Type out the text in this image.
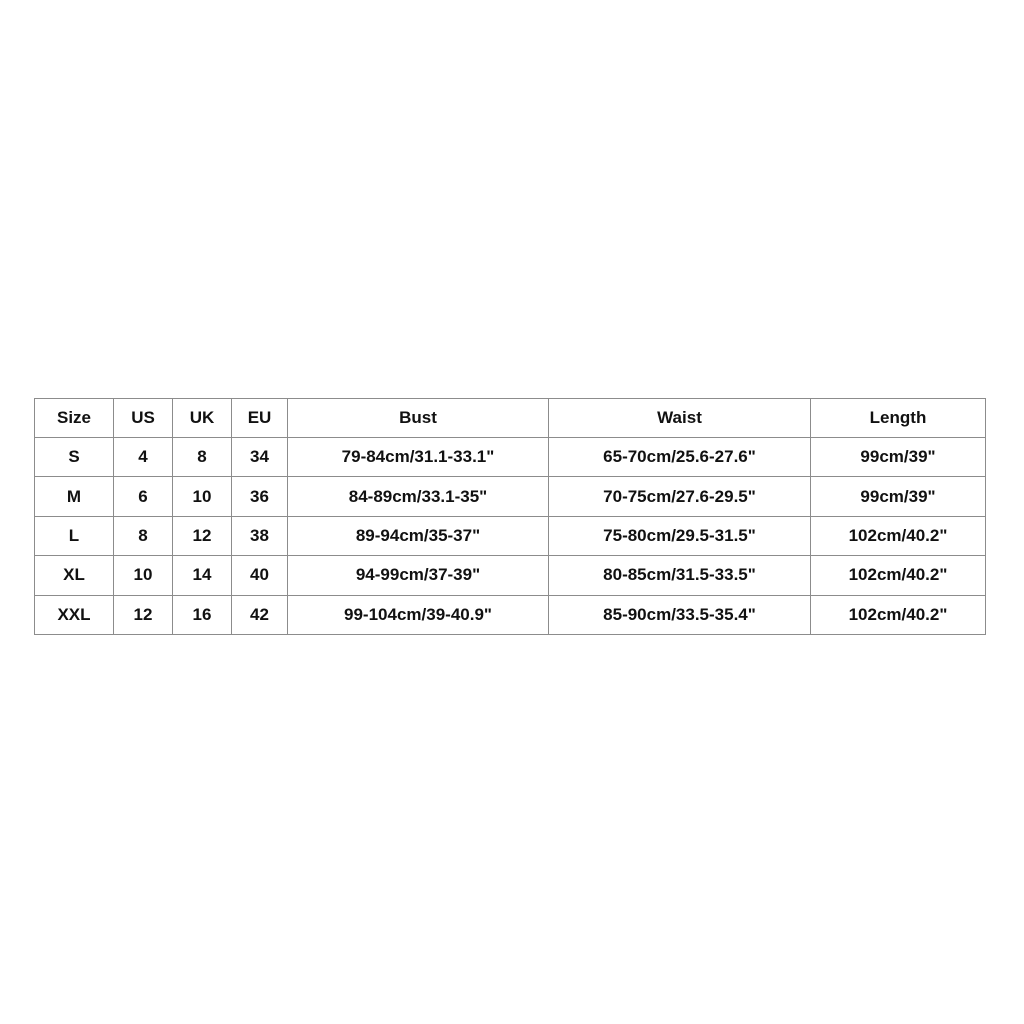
Size	US	UK	EU	Bust	Waist	Length
S	4	8	34	79-84cm/31.1-33.1"	65-70cm/25.6-27.6"	99cm/39"
M	6	10	36	84-89cm/33.1-35"	70-75cm/27.6-29.5"	99cm/39"
L	8	12	38	89-94cm/35-37"	75-80cm/29.5-31.5"	102cm/40.2"
XL	10	14	40	94-99cm/37-39"	80-85cm/31.5-33.5"	102cm/40.2"
XXL	12	16	42	99-104cm/39-40.9"	85-90cm/33.5-35.4"	102cm/40.2"
